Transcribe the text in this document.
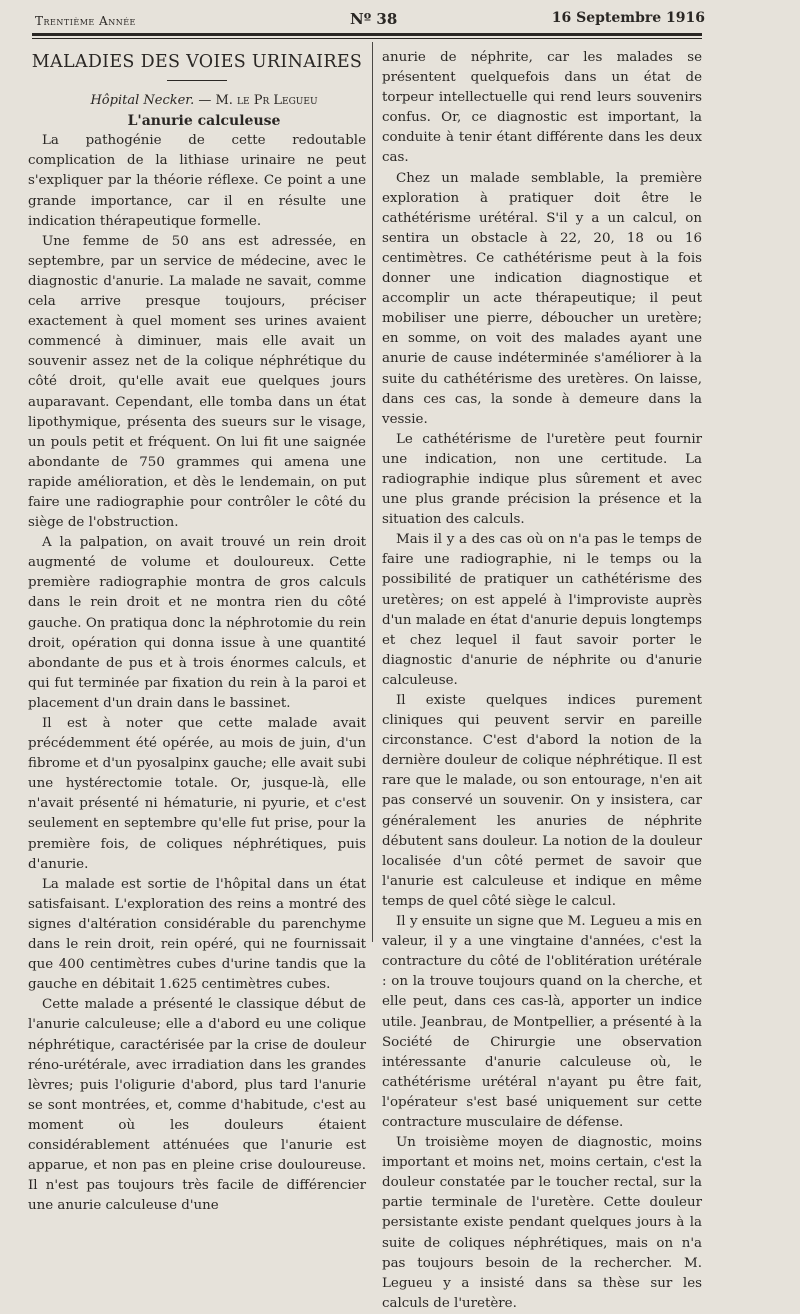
Trentième Année	Nº 38	16 Septembre 1916
MALADIES DES VOIES URINAIRES

Hôpital Necker. — M. le Pr Legueu

L'anurie calculeuse

La pathogénie de cette redoutable complication de la lithiase urinaire ne peut s'expliquer par la théorie réflexe. Ce point a une grande importance, car il en résulte une indication thérapeutique formelle.

Une femme de 50 ans est adressée, en septembre, par un service de médecine, avec le diagnostic d'anurie. La malade ne savait, comme cela arrive presque toujours, préciser exactement à quel moment ses urines avaient commencé à diminuer, mais elle avait un souvenir assez net de la colique néphrétique du côté droit, qu'elle avait eue quelques jours auparavant. Cependant, elle tomba dans un état lipothymique, présenta des sueurs sur le visage, un pouls petit et fréquent. On lui fit une saignée abondante de 750 grammes qui amena une rapide amélioration, et dès le lendemain, on put faire une radiographie pour contrôler le côté du siège de l'obstruction.

A la palpation, on avait trouvé un rein droit augmenté de volume et douloureux. Cette première radiographie montra de gros calculs dans le rein droit et ne montra rien du côté gauche. On pratiqua donc la néphrotomie du rein droit, opération qui donna issue à une quantité abondante de pus et à trois énormes calculs, et qui fut terminée par fixation du rein à la paroi et placement d'un drain dans le bassinet.

Il est à noter que cette malade avait précédemment été opérée, au mois de juin, d'un fibrome et d'un pyosalpinx gauche; elle avait subi une hystérectomie totale. Or, jusque-là, elle n'avait présenté ni hématurie, ni pyurie, et c'est seulement en septembre qu'elle fut prise, pour la première fois, de coliques néphrétiques, puis d'anurie.

La malade est sortie de l'hôpital dans un état satisfaisant. L'exploration des reins a montré des signes d'altération considérable du parenchyme dans le rein droit, rein opéré, qui ne fournissait que 400 centimètres cubes d'urine tandis que la gauche en débitait 1.625 centimètres cubes.

Cette malade a présenté le classique début de l'anurie calculeuse; elle a d'abord eu une colique néphrétique, caractérisée par la crise de douleur réno-urétérale, avec irradiation dans les grandes lèvres; puis l'oligurie d'abord, plus tard l'anurie se sont montrées, et, comme d'habitude, c'est au moment où les douleurs étaient considérablement atténuées que l'anurie est apparue, et non pas en pleine crise douloureuse. Il n'est pas toujours très facile de différencier une anurie calculeuse d'une

anurie de néphrite, car les malades se présentent quelquefois dans un état de torpeur intellectuelle qui rend leurs souvenirs confus. Or, ce diagnostic est important, la conduite à tenir étant différente dans les deux cas.

Chez un malade semblable, la première exploration à pratiquer doit être le cathétérisme urétéral. S'il y a un calcul, on sentira un obstacle à 22, 20, 18 ou 16 centimètres. Ce cathétérisme peut à la fois donner une indication diagnostique et accomplir un acte thérapeutique; il peut mobiliser une pierre, déboucher un uretère; en somme, on voit des malades ayant une anurie de cause indéterminée s'améliorer à la suite du cathétérisme des uretères. On laisse, dans ces cas, la sonde à demeure dans la vessie.

Le cathétérisme de l'uretère peut fournir une indication, non une certitude. La radiographie indique plus sûrement et avec une plus grande précision la présence et la situation des calculs.

Mais il y a des cas où on n'a pas le temps de faire une radiographie, ni le temps ou la possibilité de pratiquer un cathétérisme des uretères; on est appelé à l'improviste auprès d'un malade en état d'anurie depuis longtemps et chez lequel il faut savoir porter le diagnostic d'anurie de néphrite ou d'anurie calculeuse.

Il existe quelques indices purement cliniques qui peuvent servir en pareille circonstance. C'est d'abord la notion de la dernière douleur de colique néphrétique. Il est rare que le malade, ou son entourage, n'en ait pas conservé un souvenir. On y insistera, car généralement les anuries de néphrite débutent sans douleur. La notion de la douleur localisée d'un côté permet de savoir que l'anurie est calculeuse et indique en même temps de quel côté siège le calcul.

Il y ensuite un signe que M. Legueu a mis en valeur, il y a une vingtaine d'années, c'est la contracture du côté de l'oblitération urétérale : on la trouve toujours quand on la cherche, et elle peut, dans ces cas-là, apporter un indice utile. Jeanbrau, de Montpellier, a présenté à la Société de Chirurgie une observation intéressante d'anurie calculeuse où, le cathétérisme urétéral n'ayant pu être fait, l'opérateur s'est basé uniquement sur cette contracture musculaire de défense.

Un troisième moyen de diagnostic, moins important et moins net, moins certain, c'est la douleur constatée par le toucher rectal, sur la partie terminale de l'uretère. Cette douleur persistante existe pendant quelques jours à la suite de coliques néphrétiques, mais on n'a pas toujours besoin de la rechercher. M. Legueu y a insisté dans sa thèse sur les calculs de l'uretère.
